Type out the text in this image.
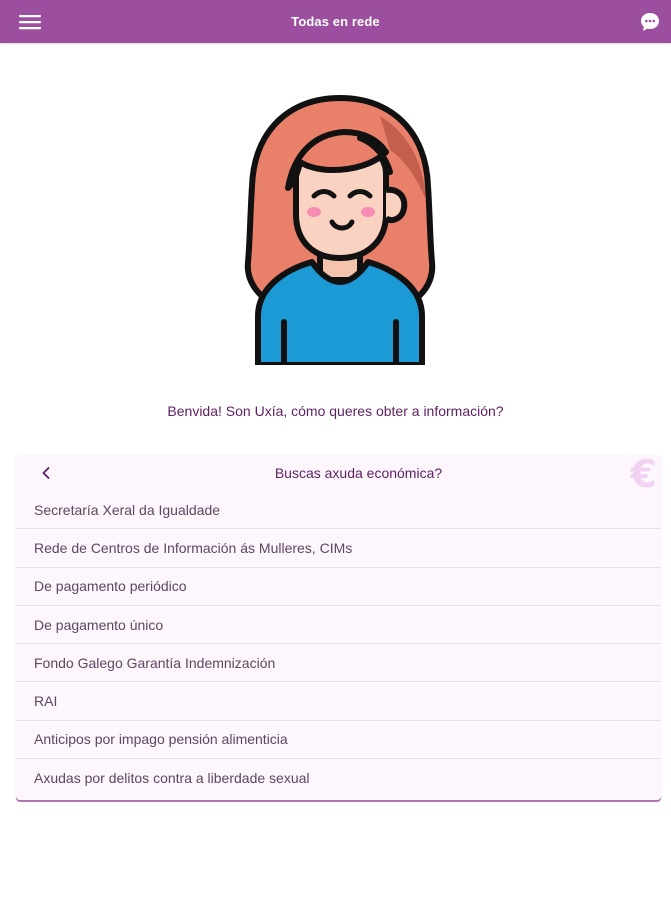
Todas en rede
Benvida! Son Uxía, cómo queres obter a información?
Buscas axuda económica?	€
Secretaría Xeral da Igualdade
Rede de Centros de Información ás Mulleres, CIMs
De pagamento periódico
De pagamento único
Fondo Galego Garantía Indemnización
RAI
Anticipos por impago pensión alimenticia
Axudas por delitos contra a liberdade sexual
